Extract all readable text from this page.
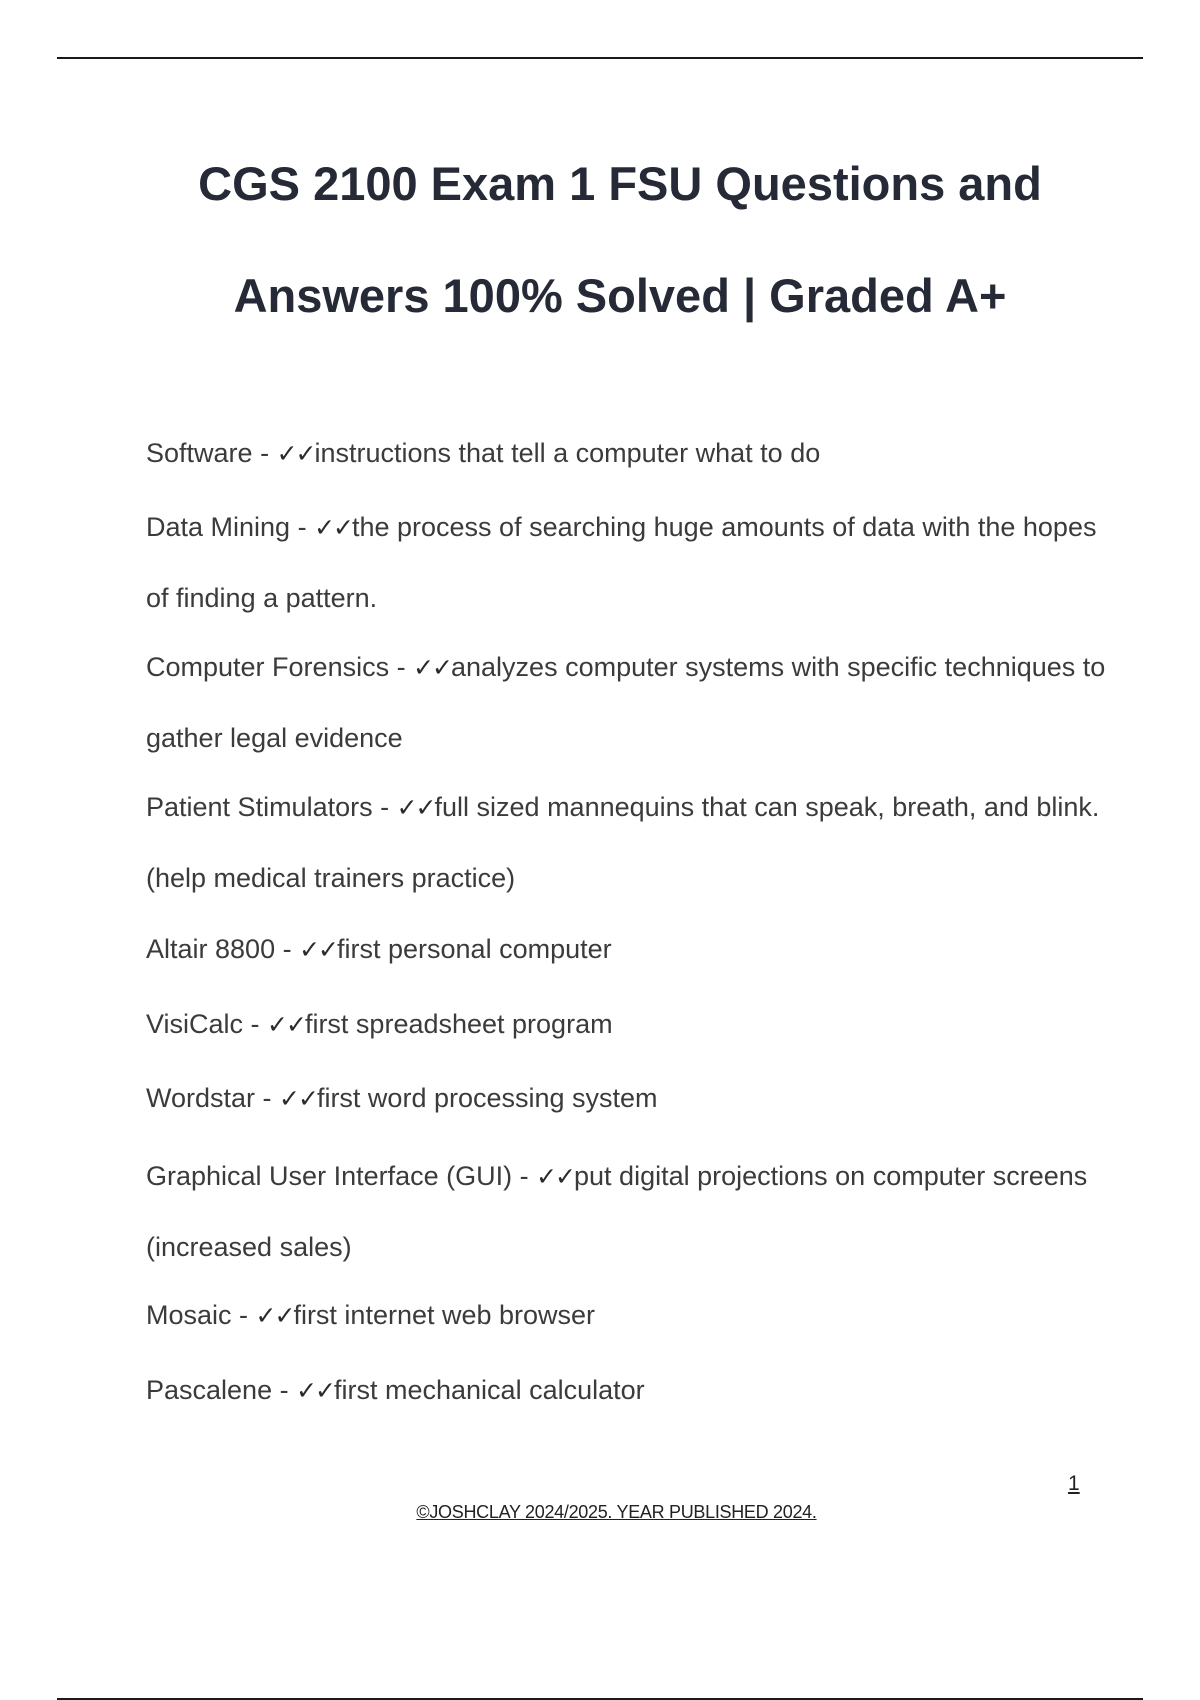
CGS 2100 Exam 1 FSU Questions and Answers 100% Solved | Graded A+
Software - ✓✓instructions that tell a computer what to do
Data Mining - ✓✓the process of searching huge amounts of data with the hopes of finding a pattern.
Computer Forensics - ✓✓analyzes computer systems with specific techniques to gather legal evidence
Patient Stimulators - ✓✓full sized mannequins that can speak, breath, and blink. (help medical trainers practice)
Altair 8800 - ✓✓first personal computer
VisiCalc - ✓✓first spreadsheet program
Wordstar - ✓✓first word processing system
Graphical User Interface (GUI) - ✓✓put digital projections on computer screens (increased sales)
Mosaic - ✓✓first internet web browser
Pascalene - ✓✓first mechanical calculator
1
©JOSHCLAY 2024/2025. YEAR PUBLISHED 2024.
